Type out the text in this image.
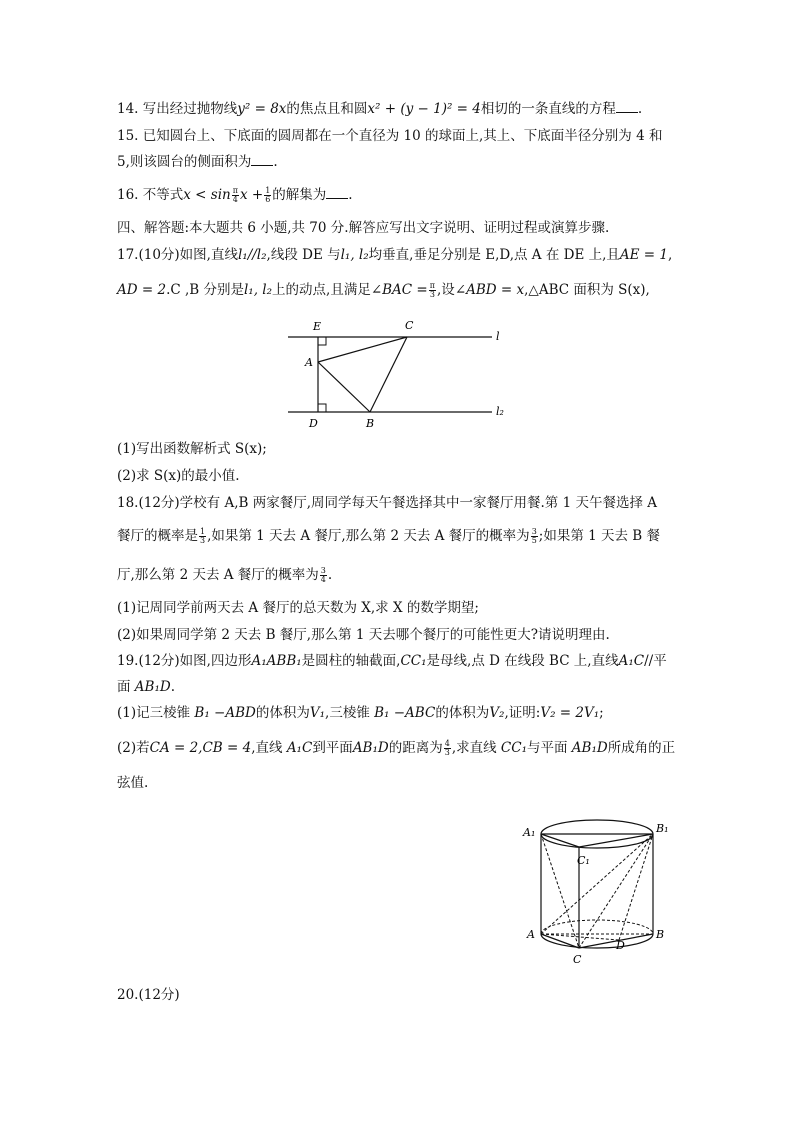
14. 写出经过抛物线y² = 8x的焦点且和圆x² + (y − 1)² = 4相切的一条直线的方程 .
15. 已知圆台上、下底面的圆周都在一个直径为 10 的球面上,其上、下底面半径分别为 4 和
5,则该圆台的侧面积为 .
16. 不等式$x < \sin \frac{\pi}{4}$ $x + \frac{1}{6}$ 的解集为 .
四、解答题:本大题共 6 小题,共 70 分.解答应写出文字说明、证明过程或演算步骤.
17.(10分)如图,直线l₁//l₂,线段 DE 与l₁, l₂均垂直,垂足分别是 E,D,点 A 在 DE 上,且AE = 1,
AD = 2.C ,B 分别是l₁, l₂上的动点,且满足∠BAC = $\frac{\pi}{3}$ ,设∠ABD = x,△ABC 面积为 S(x),
E	C
A
D	B
l
l₂
(1)写出函数解析式 S(x);
(2)求 S(x)的最小值.
18.(12分)学校有 A,B 两家餐厅,周同学每天午餐选择其中一家餐厅用餐.第 1 天午餐选择 A
餐厅的概率是 $\frac{1}{3}$ ,如果第 1 天去 A 餐厅,那么第 2 天去 A 餐厅的概率为 $\frac{3}{5}$ ;如果第 1 天去 B 餐
厅,那么第 2 天去 A 餐厅的概率为 $\frac{3}{4}$ .
(1)记周同学前两天去 A 餐厅的总天数为 X,求 X 的数学期望;
(2)如果周同学第 2 天去 B 餐厅,那么第 1 天去哪个餐厅的可能性更大?请说明理由.
19.(12分)如图,四边形A₁ABB₁是圆柱的轴截面,CC₁是母线,点 D 在线段 BC 上,直线A₁C//平
面 AB₁D.
(1)记三棱锥 B₁ −ABD的体积为V₁,三棱锥 B₁ −ABC的体积为V₂,证明:V₂ = 2V₁;
(2)若CA = 2,CB = 4,直线 A₁C到平面AB₁D的距离为 $\frac{4}{3}$ ,求直线 CC₁与平面 AB₁D所成角的正
弦值.
A₁	B₁
C₁
A	B
C
D
20.(12分)
